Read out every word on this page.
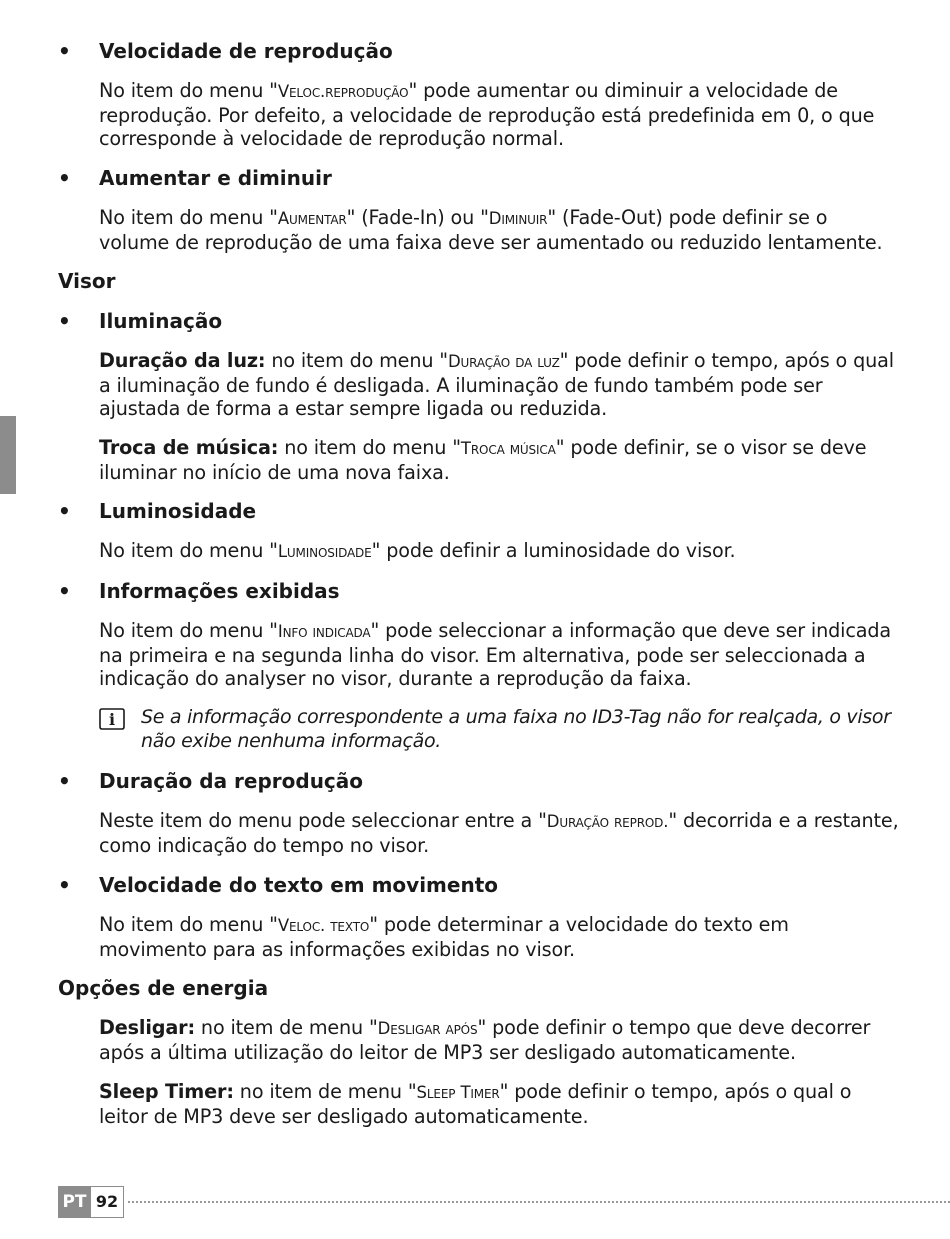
• Velocidade de reprodução

No item do menu "Veloc.reprodução" pode aumentar ou diminuir a velocidade de reprodução. Por defeito, a velocidade de reprodução está predefinida em 0, o que corresponde à velocidade de reprodução normal.

• Aumentar e diminuir

No item do menu "Aumentar" (Fade-In) ou "Diminuir" (Fade-Out) pode definir se o volume de reprodução de uma faixa deve ser aumentado ou reduzido lentamente.

Visor
• Iluminação

Duração da luz: no item do menu "Duração da luz" pode definir o tempo, após o qual a iluminação de fundo é desligada. A iluminação de fundo também pode ser ajustada de forma a estar sempre ligada ou reduzida.

Troca de música: no item do menu "Troca música" pode definir, se o visor se deve iluminar no início de uma nova faixa.

• Luminosidade

No item do menu "Luminosidade" pode definir a luminosidade do visor.

• Informações exibidas

No item do menu "Info indicada" pode seleccionar a informação que deve ser indicada na primeira e na segunda linha do visor. Em alternativa, pode ser seleccionada a indicação do analyser no visor, durante a reprodução da faixa.

i Se a informação correspondente a uma faixa no ID3-Tag não for realçada, o visor não exibe nenhuma informação.
• Duração da reprodução

Neste item do menu pode seleccionar entre a "Duração reprod." decorrida e a restante, como indicação do tempo no visor.

• Velocidade do texto em movimento

No item do menu "Veloc. texto" pode determinar a velocidade do texto em movimento para as informações exibidas no visor.

Opções de energia

Desligar: no item de menu "Desligar após" pode definir o tempo que deve decorrer após a última utilização do leitor de MP3 ser desligado automaticamente.

Sleep Timer: no item de menu "Sleep Timer" pode definir o tempo, após o qual o leitor de MP3 deve ser desligado automaticamente.

PT 92
